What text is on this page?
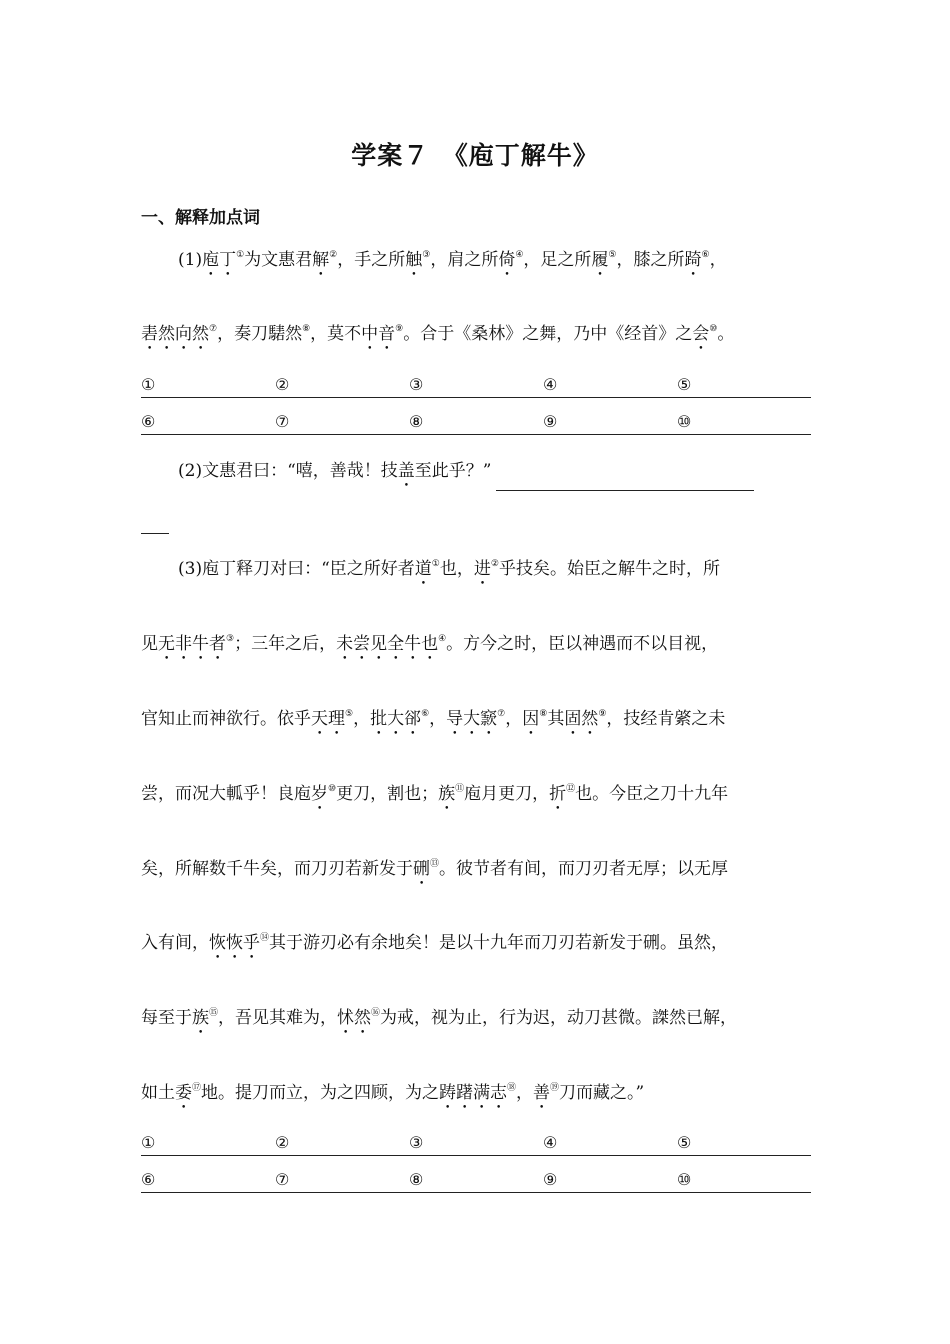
学案７　《庖丁解牛》
一、解释加点词
(1)庖丁①为文惠君解②，手之所触③，肩之所倚④，足之所履⑤，膝之所踦⑥，
砉然向然⑦，奏刀騞然⑧，莫不中音⑨。合于《桑林》之舞，乃中《经首》之会⑩。
①	②	③	④	⑤
⑥	⑦	⑧	⑨	⑩
(2)文惠君曰：“嘻，善哉！技盖至此乎？”
(3)庖丁释刀对曰：“臣之所好者道①也，进②乎技矣。始臣之解牛之时，所
见无非牛者③；三年之后，未尝见全牛也④。方今之时，臣以神遇而不以目视，
官知止而神欲行。依乎天理⑤，批大郤⑥，导大窾⑦，因⑧其固然⑨，技经肯綮之未
尝，而况大軱乎！良庖岁⑩更刀，割也；族⑪庖月更刀，折⑫也。今臣之刀十九年
矣，所解数千牛矣，而刀刃若新发于硎⑬。彼节者有间，而刀刃者无厚；以无厚
入有间，恢恢乎⑭其于游刃必有余地矣！是以十九年而刀刃若新发于硎。虽然，
每至于族⑮，吾见其难为，怵然⑯为戒，视为止，行为迟，动刀甚微。謋然已解，
如土委⑰地。提刀而立，为之四顾，为之踌躇满志⑱，善⑲刀而藏之。”
①	②	③	④	⑤
⑥	⑦	⑧	⑨	⑩
